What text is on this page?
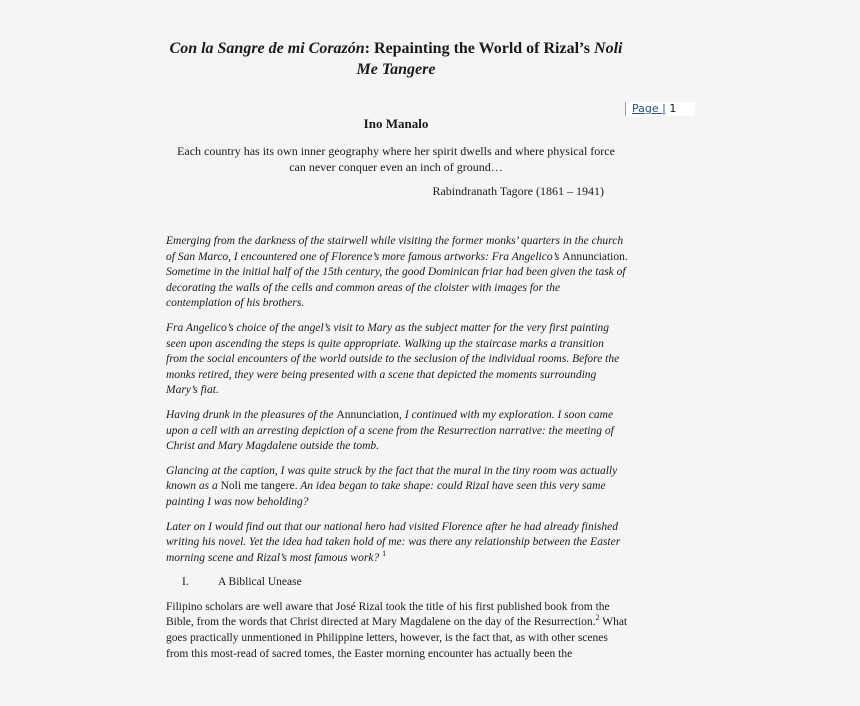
Con la Sangre de mi Corazón: Repainting the World of Rizal’s Noli Me Tangere
Page | 1
Ino Manalo
Each country has its own inner geography where her spirit dwells and where physical force can never conquer even an inch of ground…
Rabindranath Tagore (1861 – 1941)

Emerging from the darkness of the stairwell while visiting the former monks’ quarters in the church of San Marco, I encountered one of Florence’s more famous artworks: Fra Angelico’s Annunciation. Sometime in the initial half of the 15th century, the good Dominican friar had been given the task of decorating the walls of the cells and common areas of the cloister with images for the contemplation of his brothers.

Fra Angelico’s choice of the angel’s visit to Mary as the subject matter for the very first painting seen upon ascending the steps is quite appropriate. Walking up the staircase marks a transition from the social encounters of the world outside to the seclusion of the individual rooms. Before the monks retired, they were being presented with a scene that depicted the moments surrounding Mary’s fiat.

Having drunk in the pleasures of the Annunciation, I continued with my exploration. I soon came upon a cell with an arresting depiction of a scene from the Resurrection narrative: the meeting of Christ and Mary Magdalene outside the tomb.

Glancing at the caption, I was quite struck by the fact that the mural in the tiny room was actually known as a Noli me tangere. An idea began to take shape: could Rizal have seen this very same painting I was now beholding?

Later on I would find out that our national hero had visited Florence after he had already finished writing his novel. Yet the idea had taken hold of me: was there any relationship between the Easter morning scene and Rizal’s most famous work? $^1$

I.	A Biblical Unease

Filipino scholars are well aware that José Rizal took the title of his first published book from the Bible, from the words that Christ directed at Mary Magdalene on the day of the Resurrection.$^2$ What goes practically unmentioned in Philippine letters, however, is the fact that, as with other scenes from this most-read of sacred tomes, the Easter morning encounter has actually been the
